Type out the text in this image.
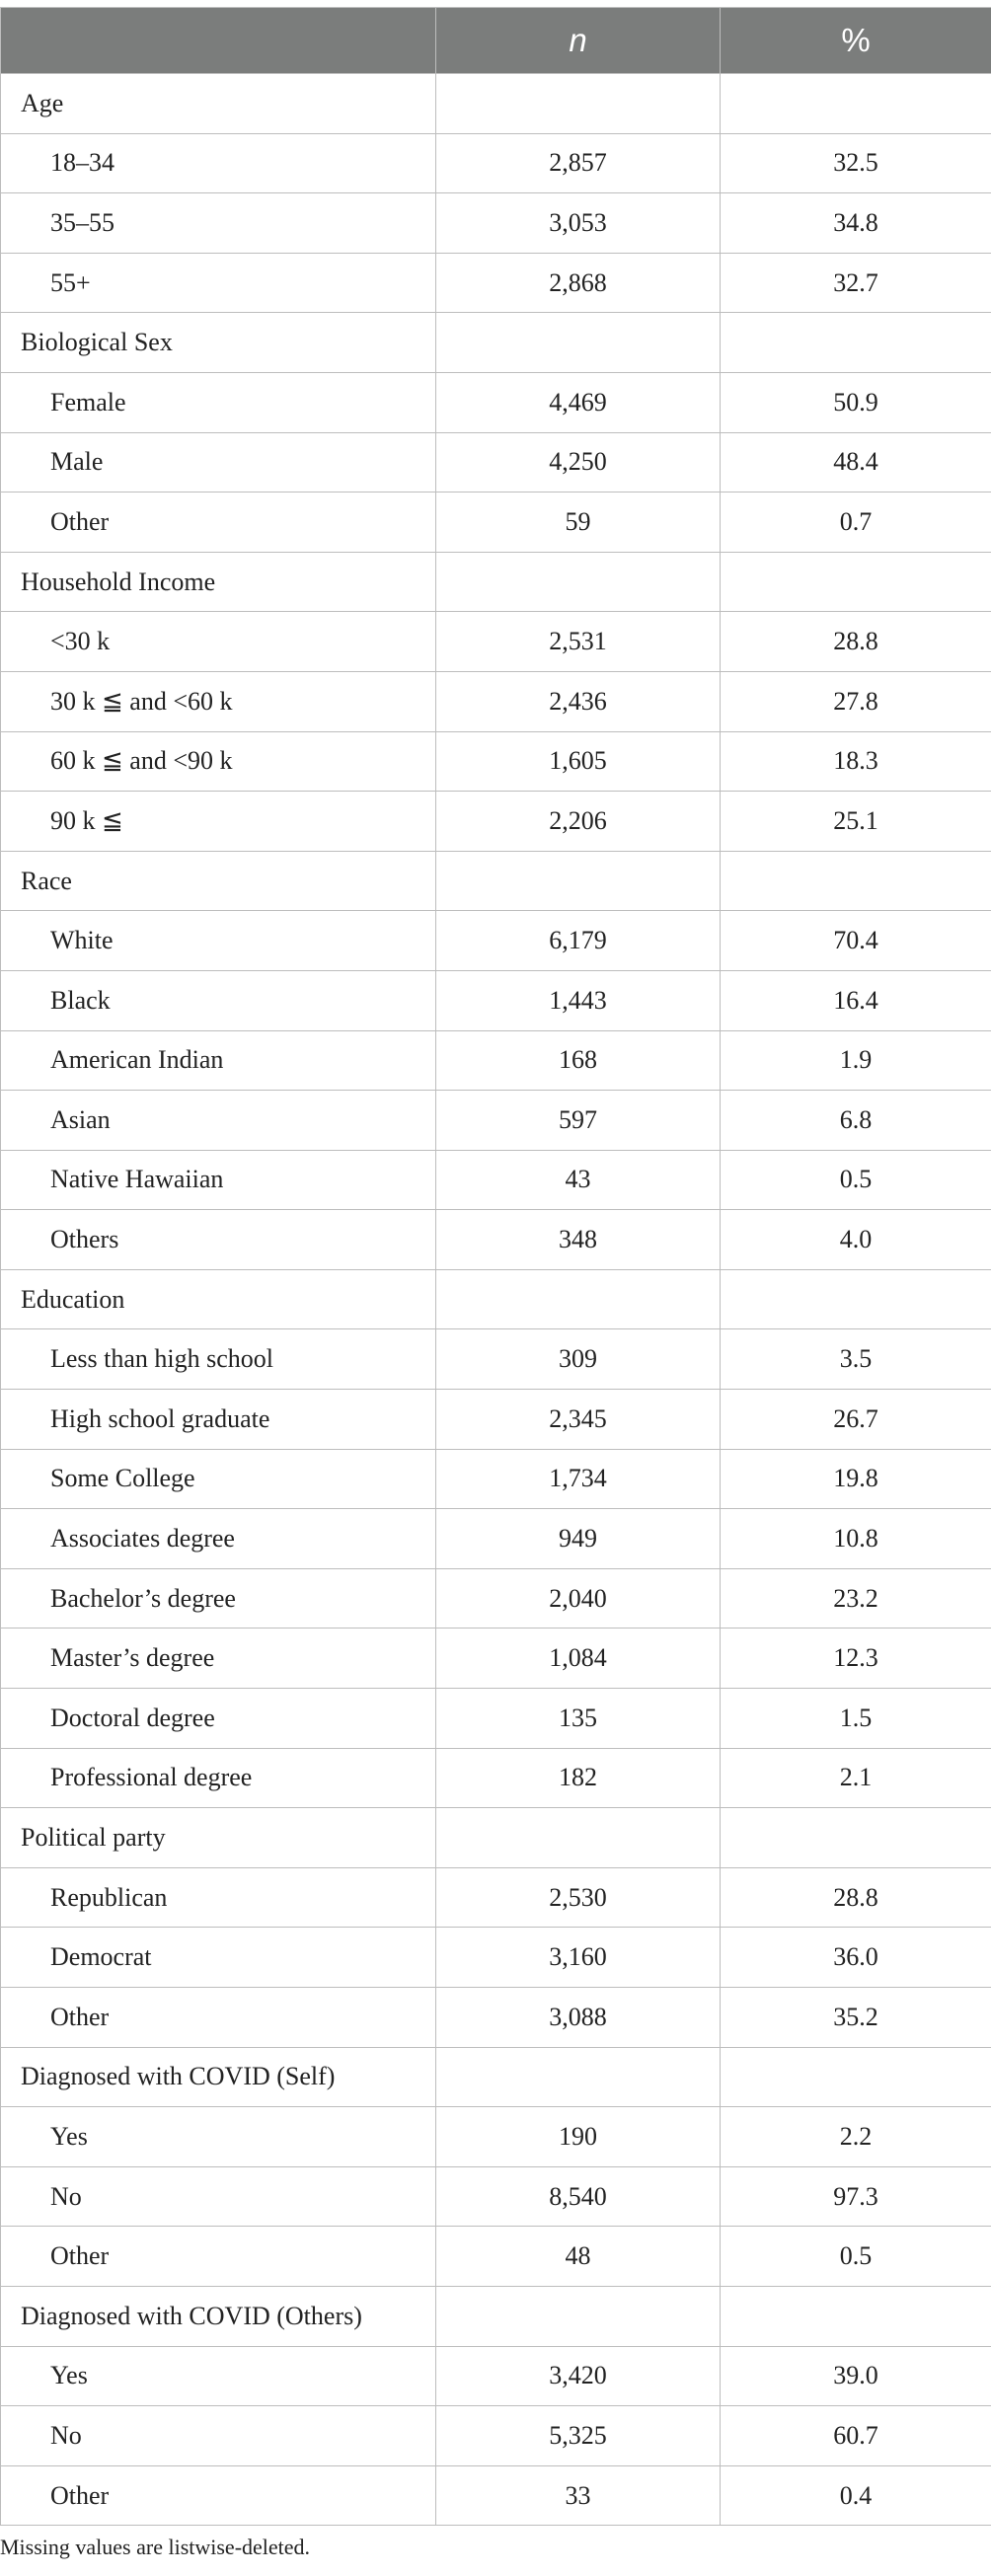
	n	%
Age		
18–34	2,857	32.5
35–55	3,053	34.8
55+	2,868	32.7
Biological Sex		
Female	4,469	50.9
Male	4,250	48.4
Other	59	0.7
Household Income		
<30 k	2,531	28.8
30 k ≦ and <60 k	2,436	27.8
60 k ≦ and <90 k	1,605	18.3
90 k ≦	2,206	25.1
Race		
White	6,179	70.4
Black	1,443	16.4
American Indian	168	1.9
Asian	597	6.8
Native Hawaiian	43	0.5
Others	348	4.0
Education		
Less than high school	309	3.5
High school graduate	2,345	26.7
Some College	1,734	19.8
Associates degree	949	10.8
Bachelor’s degree	2,040	23.2
Master’s degree	1,084	12.3
Doctoral degree	135	1.5
Professional degree	182	2.1
Political party		
Republican	2,530	28.8
Democrat	3,160	36.0
Other	3,088	35.2
Diagnosed with COVID (Self)		
Yes	190	2.2
No	8,540	97.3
Other	48	0.5
Diagnosed with COVID (Others)		
Yes	3,420	39.0
No	5,325	60.7
Other	33	0.4
Missing values are listwise-deleted.
